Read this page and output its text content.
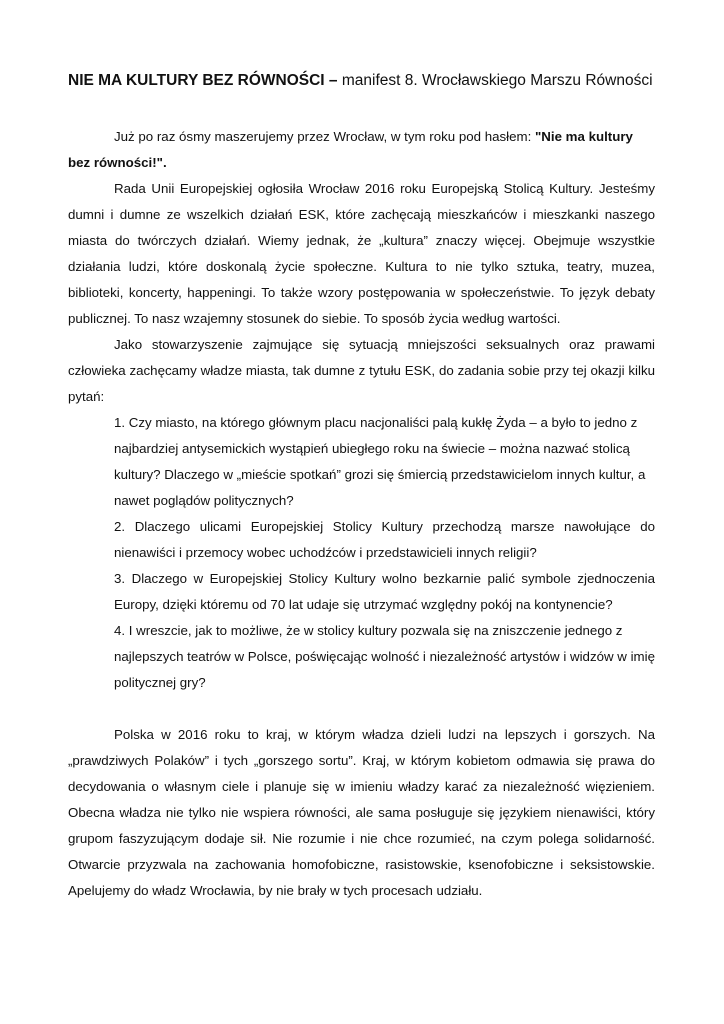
NIE MA KULTURY BEZ RÓWNOŚCI – manifest 8. Wrocławskiego Marszu Równości

Już po raz ósmy maszerujemy przez Wrocław, w tym roku pod hasłem: "Nie ma kultury bez równości!".

Rada Unii Europejskiej ogłosiła Wrocław 2016 roku Europejską Stolicą Kultury. Jesteśmy dumni i dumne ze wszelkich działań ESK, które zachęcają mieszkańców i mieszkanki naszego miasta do twórczych działań. Wiemy jednak, że „kultura” znaczy więcej. Obejmuje wszystkie działania ludzi, które doskonalą życie społeczne. Kultura to nie tylko sztuka, teatry, muzea, biblioteki, koncerty, happeningi. To także wzory postępowania w społeczeństwie. To język debaty publicznej. To nasz wzajemny stosunek do siebie. To sposób życia według wartości.

Jako stowarzyszenie zajmujące się sytuacją mniejszości seksualnych oraz prawami człowieka zachęcamy władze miasta, tak dumne z tytułu ESK, do zadania sobie przy tej okazji kilku pytań:

1. Czy miasto, na którego głównym placu nacjonaliści palą kukłę Żyda – a było to jedno z najbardziej antysemickich wystąpień ubiegłego roku na świecie – można nazwać stolicą kultury? Dlaczego w „mieście spotkań” grozi się śmiercią przedstawicielom innych kultur, a nawet poglądów politycznych?

2. Dlaczego ulicami Europejskiej Stolicy Kultury przechodzą marsze nawołujące do nienawiści i przemocy wobec uchodźców i przedstawicieli innych religii?

3. Dlaczego w Europejskiej Stolicy Kultury wolno bezkarnie palić symbole zjednoczenia Europy, dzięki któremu od 70 lat udaje się utrzymać względny pokój na kontynencie?

4. I wreszcie, jak to możliwe, że w stolicy kultury pozwala się na zniszczenie jednego z najlepszych teatrów w Polsce, poświęcając wolność i niezależność artystów i widzów w imię politycznej gry?

Polska w 2016 roku to kraj, w którym władza dzieli ludzi na lepszych i gorszych. Na „prawdziwych Polaków” i tych „gorszego sortu”. Kraj, w którym kobietom odmawia się prawa do decydowania o własnym ciele i planuje się w imieniu władzy karać za niezależność więzieniem. Obecna władza nie tylko nie wspiera równości, ale sama posługuje się językiem nienawiści, który grupom faszyzującym dodaje sił. Nie rozumie i nie chce rozumieć, na czym polega solidarność. Otwarcie przyzwala na zachowania homofobiczne, rasistowskie, ksenofobiczne i seksistowskie. Apelujemy do władz Wrocławia, by nie brały w tych procesach udziału.
